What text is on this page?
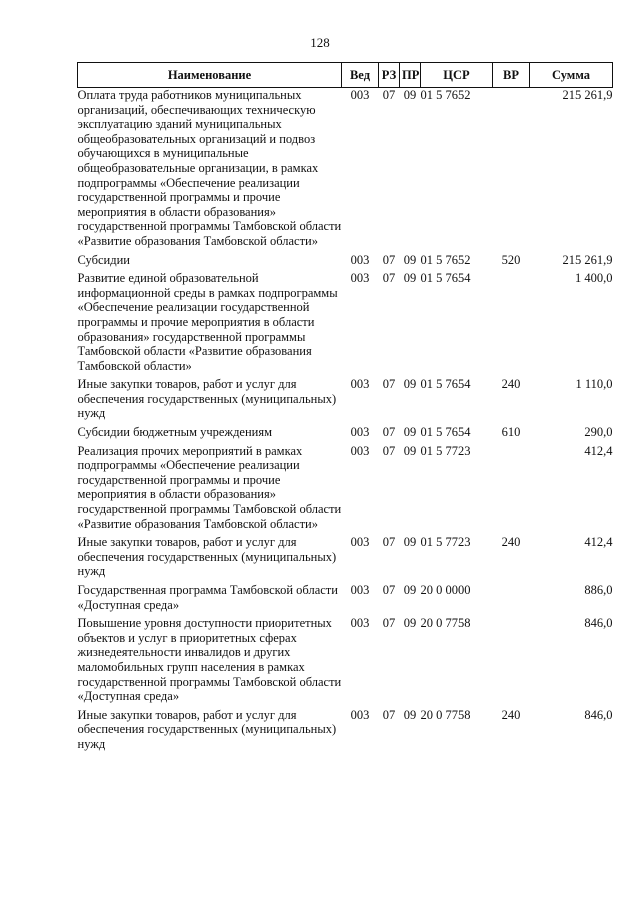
128
Наименование	Вед	РЗ	ПР	ЦСР	ВР	Сумма
Оплата труда работников муниципальных организаций, обеспечивающих техническую эксплуатацию зданий муниципальных общеобразовательных организаций и подвоз обучающихся в муниципальные общеобразовательные организации, в рамках подпрограммы «Обеспечение реализации государственной программы и прочие мероприятия в области образования» государственной программы Тамбовской области «Развитие образования Тамбовской области»	003	07	09	01 5 7652		215 261,9

Субсидии	003	07	09	01 5 7652	520	215 261,9

Развитие единой образовательной информационной среды в рамках подпрограммы «Обеспечение реализации государственной программы и прочие мероприятия в области образования» государственной программы Тамбовской области «Развитие образования Тамбовской области»	003	07	09	01 5 7654		1 400,0

Иные закупки товаров, работ и услуг для обеспечения государственных (муниципальных) нужд	003	07	09	01 5 7654	240	1 110,0

Субсидии бюджетным учреждениям	003	07	09	01 5 7654	610	290,0

Реализация прочих мероприятий в рамках подпрограммы «Обеспечение реализации государственной программы и прочие мероприятия в области образования» государственной программы Тамбовской области «Развитие образования Тамбовской области»	003	07	09	01 5 7723		412,4

Иные закупки товаров, работ и услуг для обеспечения государственных (муниципальных) нужд	003	07	09	01 5 7723	240	412,4

Государственная программа Тамбовской области «Доступная среда»	003	07	09	20 0 0000		886,0

Повышение уровня доступности приоритетных объектов и услуг в приоритетных сферах жизнедеятельности инвалидов и других маломобильных групп населения в рамках государственной программы Тамбовской области «Доступная среда»	003	07	09	20 0 7758		846,0

Иные закупки товаров, работ и услуг для обеспечения государственных (муниципальных) нужд	003	07	09	20 0 7758	240	846,0
